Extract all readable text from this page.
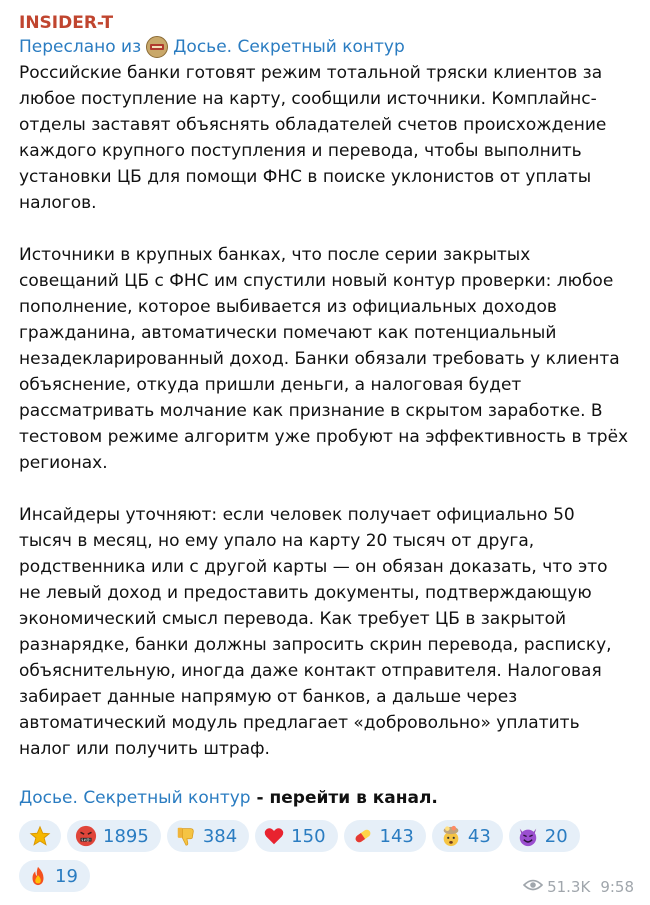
INSIDER-T
Переслано из Досье. Секретный контур

Российские банки готовят режим тотальной тряски клиентов за любое поступление на карту, сообщили источники. Комплайнс-отделы заставят объяснять обладателей счетов происхождение каждого крупного поступления и перевода, чтобы выполнить установки ЦБ для помощи ФНС в поиске уклонистов от уплаты налогов.

Источники в крупных банках, что после серии закрытых совещаний ЦБ с ФНС им спустили новый контур проверки: любое пополнение, которое выбивается из официальных доходов гражданина, автоматически помечают как потенциальный незадекларированный доход. Банки обязали требовать у клиента объяснение, откуда пришли деньги, а налоговая будет рассматривать молчание как признание в скрытом заработке. В тестовом режиме алгоритм уже пробуют на эффективность в трёх регионах.

Инсайдеры уточняют: если человек получает официально 50 тысяч в месяц, но ему упало на карту 20 тысяч от друга, родственника или с другой карты — он обязан доказать, что это не левый доход и предоставить документы, подтверждающую экономический смысл перевода. Как требует ЦБ в закрытой разнарядке, банки должны запросить скрин перевода, расписку, объяснительную, иногда даже контакт отправителя. Налоговая забирает данные напрямую от банков, а дальше через автоматический модуль предлагает «добровольно» уплатить налог или получить штраф.

Досье. Секретный контур - перейти в канал.
$#@! 1895	384	150	143	43	20
19
51.3K 9:58
